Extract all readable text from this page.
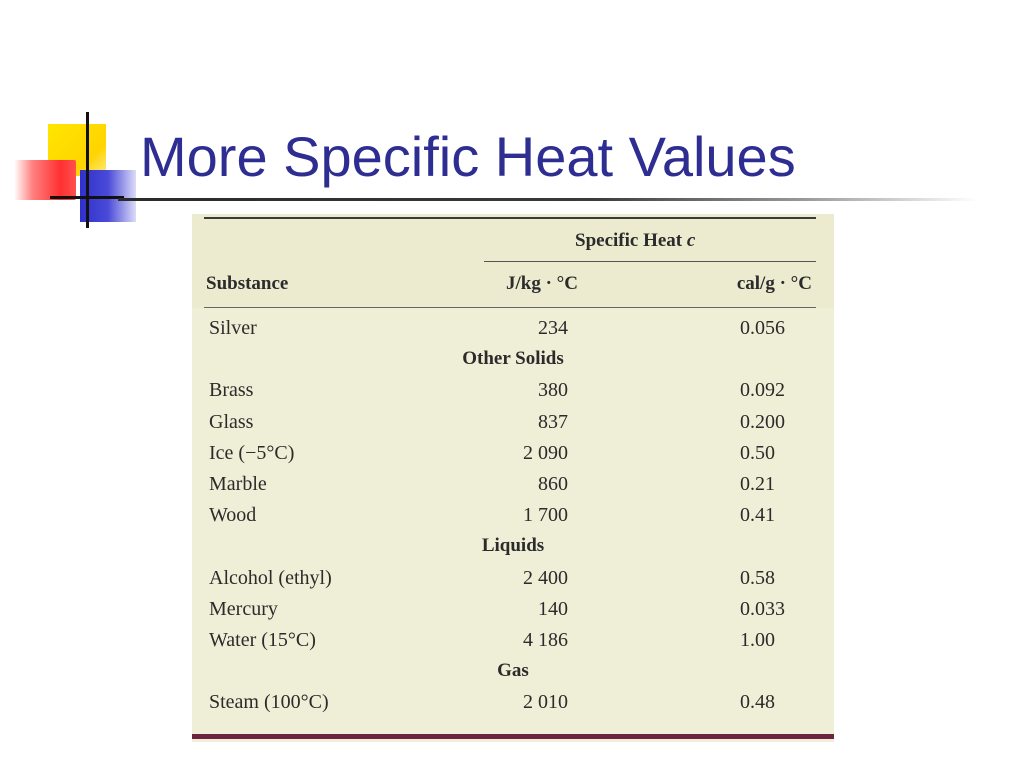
More Specific Heat Values
Specific Heat c
Substance	J/kg · °C	cal/g · °C
Silver	234	0.056
Other Solids
Brass	380	0.092
Glass	837	0.200
Ice (−5°C)	2 090	0.50
Marble	860	0.21
Wood	1 700	0.41
Liquids
Alcohol (ethyl)	2 400	0.58
Mercury	140	0.033
Water (15°C)	4 186	1.00
Gas
Steam (100°C)	2 010	0.48
